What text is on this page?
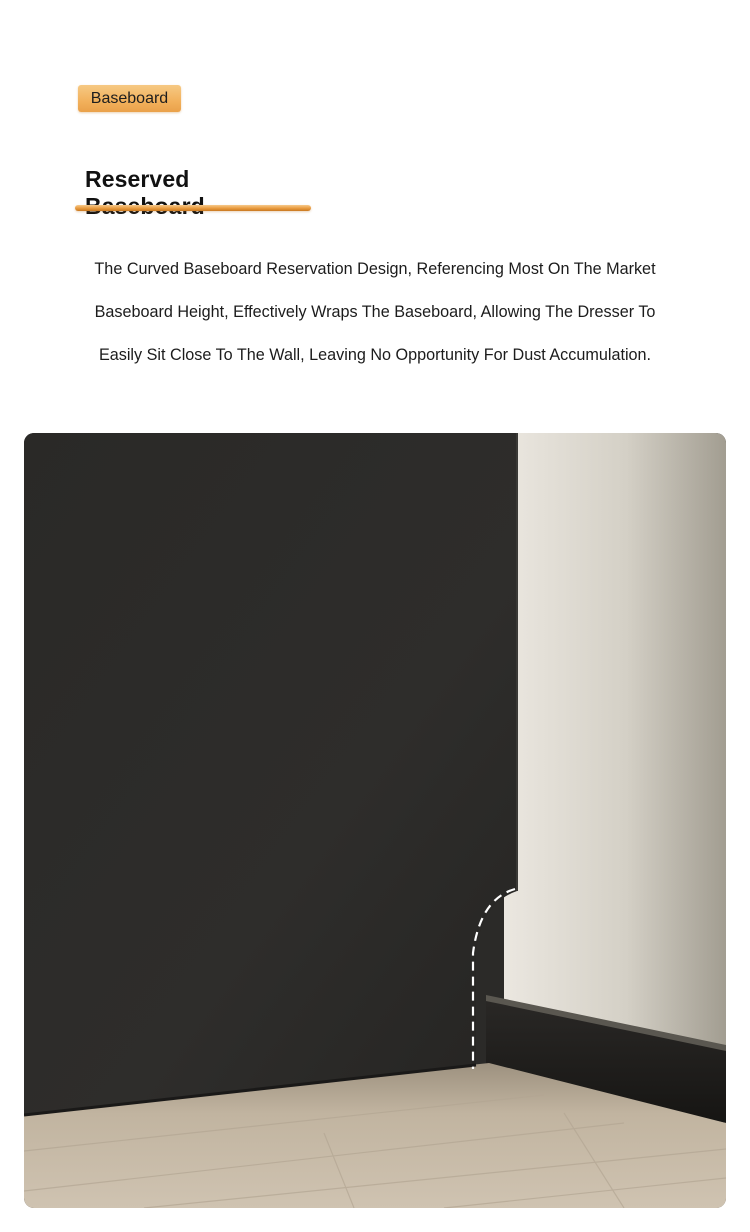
Baseboard
Reserved
The Curved Baseboard Reservation Design, Referencing Most On The Market
Baseboard Height, Effectively Wraps The Baseboard, Allowing The Dresser To
Easily Sit Close To The Wall, Leaving No Opportunity For Dust Accumulation.
